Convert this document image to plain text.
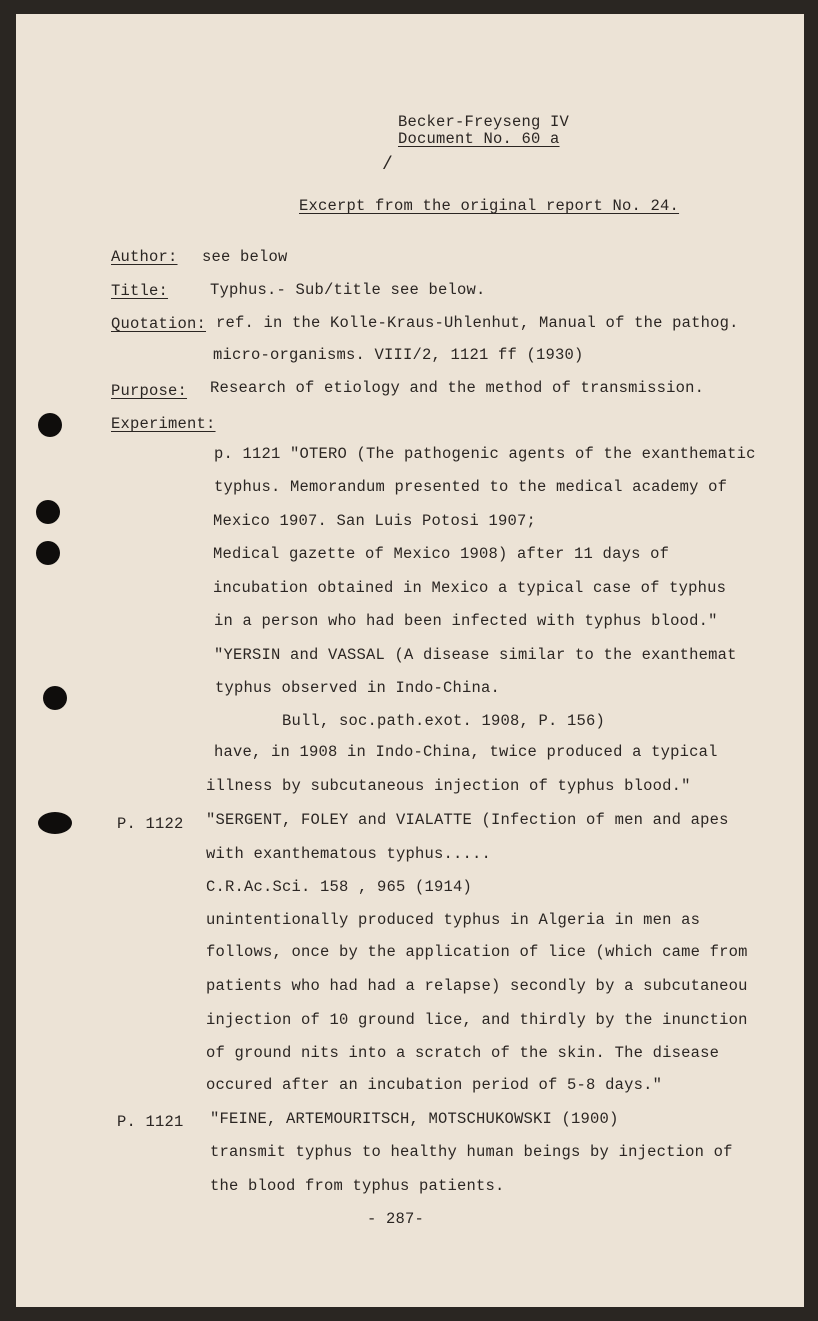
Becker-Freyseng IV
Document No. 60 a
/
Excerpt from the original report No. 24.
Author: see below
Title:	Typhus.- Sub/title see below.
Quotation: ref. in the Kolle-Kraus-Uhlenhut, Manual of the pathog.
micro-organisms. VIII/2, 1121 ff (1930)
Purpose: Research of etiology and the method of transmission.
Experiment:
p. 1121 "OTERO (The pathogenic agents of the exanthematic
typhus. Memorandum presented to the medical academy of
Mexico 1907. San Luis Potosi 1907;
Medical gazette of Mexico 1908) after 11 days of
incubation obtained in Mexico a typical case of typhus
in a person who had been infected with typhus blood."
"YERSIN and VASSAL (A disease similar to the exanthemat
typhus observed in Indo-China.
Bull, soc.path.exot. 1908, P. 156)
have, in 1908 in Indo-China, twice produced a typical
illness by subcutaneous injection of typhus blood."
P. 1122 "SERGENT, FOLEY and VIALATTE (Infection of men and apes
with exanthematous typhus.....
C.R.Ac.Sci. 158 , 965 (1914)
unintentionally produced typhus in Algeria in men as
follows, once by the application of lice (which came from
patients who had had a relapse) secondly by a subcutaneou
injection of 10 ground lice, and thirdly by the inunction
of ground nits into a scratch of the skin. The disease
occured after an incubation period of 5-8 days."
P. 1121 "FEINE, ARTEMOURITSCH, MOTSCHUKOWSKI (1900)
transmit typhus to healthy human beings by injection of
the blood from typhus patients.
- 287-
